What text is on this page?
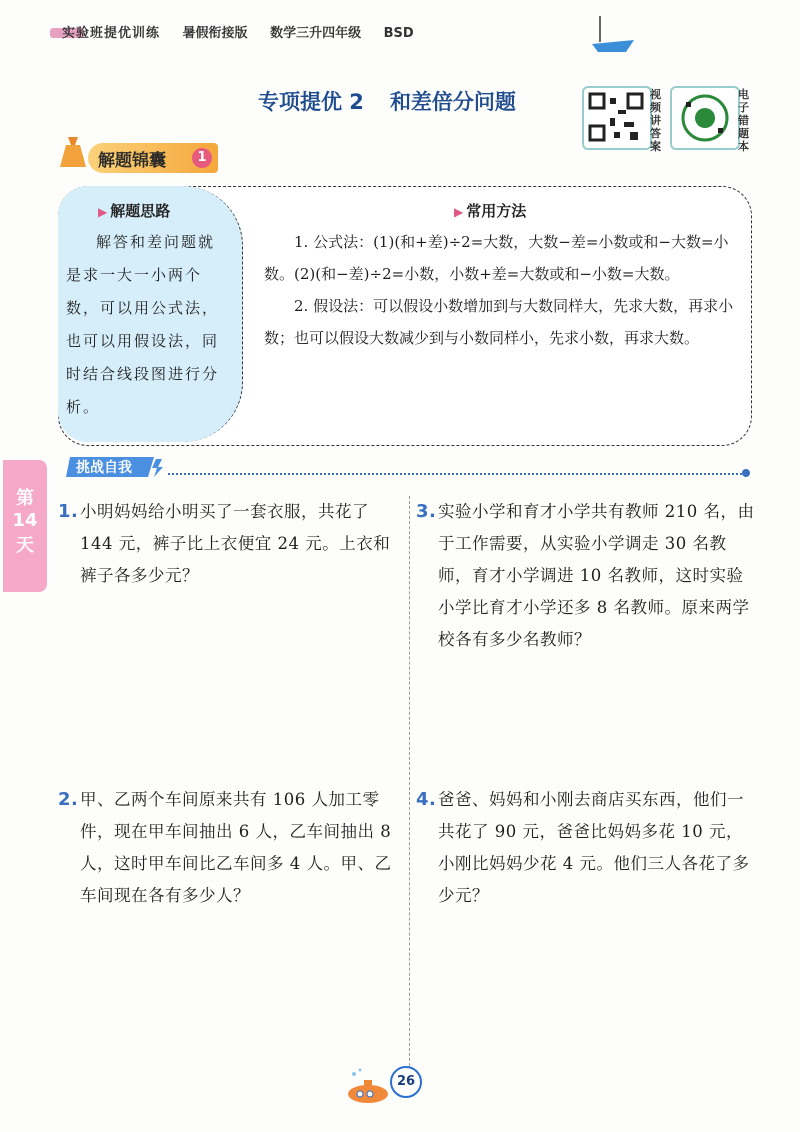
实验班提优训练 暑假衔接版 数学三升四年级 BSD
专项提优 2 和差倍分问题	视频讲答案
电子错题本
解题锦囊	1
▶ 解题思路
解答和差问题就是求一大一小两个数，可以用公式法，也可以用假设法，同时结合线段图进行分析。
▶ 常用方法

1. 公式法：(1)(和+差)÷2=大数，大数−差=小数或和−大数=小数。(2)(和−差)÷2=小数，小数+差=大数或和−小数=大数。

2. 假设法：可以假设小数增加到与大数同样大，先求大数，再求小数；也可以假设大数减少到与小数同样小，先求小数，再求大数。

挑战自我
第
14
天
1. 小明妈妈给小明买了一套衣服，共花了 144 元，裤子比上衣便宜 24 元。上衣和裤子各多少元？
2. 甲、乙两个车间原来共有 106 人加工零件，现在甲车间抽出 6 人，乙车间抽出 8 人，这时甲车间比乙车间多 4 人。甲、乙车间现在各有多少人？
3. 实验小学和育才小学共有教师 210 名，由于工作需要，从实验小学调走 30 名教师，育才小学调进 10 名教师，这时实验小学比育才小学还多 8 名教师。原来两学校各有多少名教师？
4. 爸爸、妈妈和小刚去商店买东西，他们一共花了 90 元，爸爸比妈妈多花 10 元，小刚比妈妈少花 4 元。他们三人各花了多少元？
26
